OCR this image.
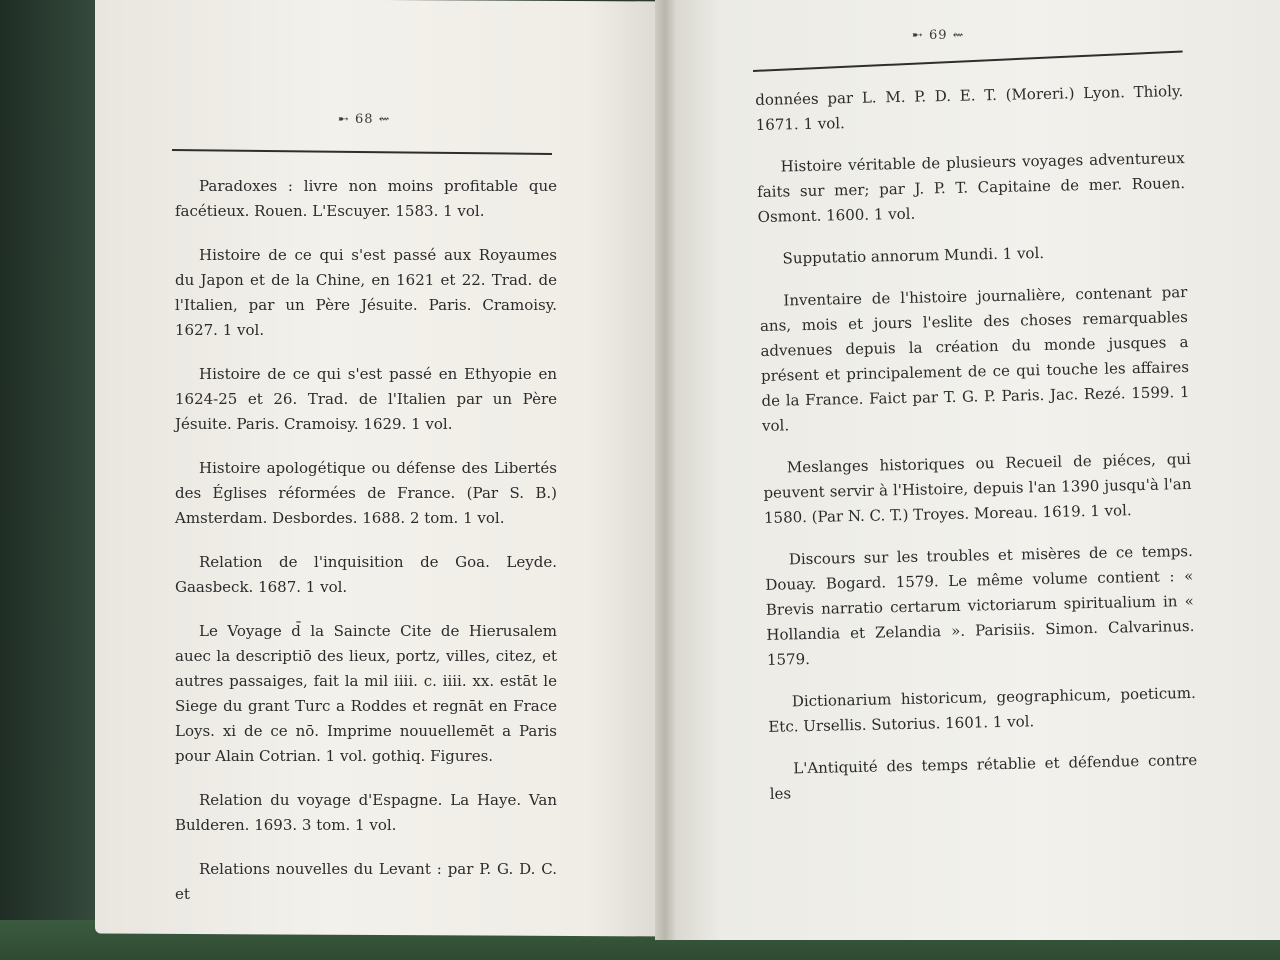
➸ 68 ⇜
➸ 69 ⇜

Paradoxes : livre non moins profitable que facétieux. Rouen. L'Escuyer. 1583. 1 vol.

Histoire de ce qui s'est passé aux Royaumes du Japon et de la Chine, en 1621 et 22. Trad. de l'Italien, par un Père Jésuite. Paris. Cramoisy. 1627. 1 vol.

Histoire de ce qui s'est passé en Ethyopie en 1624-25 et 26. Trad. de l'Italien par un Père Jésuite. Paris. Cramoisy. 1629. 1 vol.

Histoire apologétique ou défense des Libertés des Églises réformées de France. (Par S. B.) Amsterdam. Desbordes. 1688. 2 tom. 1 vol.

Relation de l'inquisition de Goa. Leyde. Gaasbeck. 1687. 1 vol.

Le Voyage d̄ la Saincte Cite de Hierusalem auec la descriptiō des lieux, portz, villes, citez, et autres passaiges, fait la mil iiii. c. iiii. xx. estāt le Siege du grant Turc a Roddes et regnāt en Frace Loys. xi de ce nō. Imprime nouuellemēt a Paris pour Alain Cotrian. 1 vol. gothiq. Figures.

Relation du voyage d'Espagne. La Haye. Van Bulderen. 1693. 3 tom. 1 vol.

Relations nouvelles du Levant : par P. G. D. C. et

données par L. M. P. D. E. T. (Moreri.) Lyon. Thioly. 1671. 1 vol.

Histoire véritable de plusieurs voyages adventureux faits sur mer; par J. P. T. Capitaine de mer. Rouen. Osmont. 1600. 1 vol.

Supputatio annorum Mundi. 1 vol.

Inventaire de l'histoire journalière, contenant par ans, mois et jours l'eslite des choses remarquables advenues depuis la création du monde jusques a présent et principalement de ce qui touche les affaires de la France. Faict par T. G. P. Paris. Jac. Rezé. 1599. 1 vol.

Meslanges historiques ou Recueil de piéces, qui peuvent servir à l'Histoire, depuis l'an 1390 jusqu'à l'an 1580. (Par N. C. T.) Troyes. Moreau. 1619. 1 vol.

Discours sur les troubles et misères de ce temps. Douay. Bogard. 1579. Le même volume contient : « Brevis narratio certarum victoriarum spiritualium in « Hollandia et Zelandia ». Parisiis. Simon. Calvarinus. 1579.

Dictionarium historicum, geographicum, poeticum. Etc. Ursellis. Sutorius. 1601. 1 vol.

L'Antiquité des temps rétablie et défendue contre les
